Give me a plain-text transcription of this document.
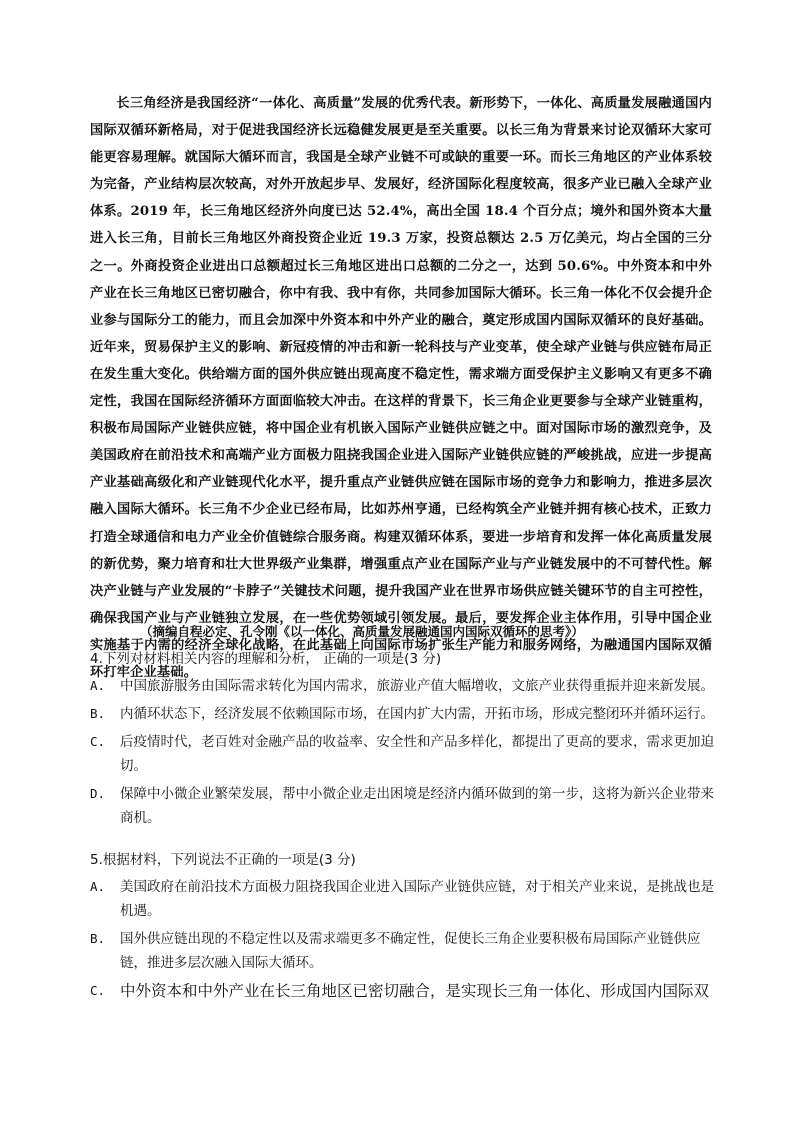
长三角经济是我国经济“一体化、高质量”发展的优秀代表。新形势下，一体化、高质量发展融通国内国际双循环新格局，对于促进我国经济长远稳健发展更是至关重要。以长三角为背景来讨论双循环大家可能更容易理解。就国际大循环而言，我国是全球产业链不可或缺的重要一环。而长三角地区的产业体系较为完备，产业结构层次较高，对外开放起步早、发展好，经济国际化程度较高，很多产业已融入全球产业体系。2019 年，长三角地区经济外向度已达 52.4%，高出全国 18.4 个百分点；境外和国外资本大量进入长三角，目前长三角地区外商投资企业近 19.3 万家，投资总额达 2.5 万亿美元，均占全国的三分之一。外商投资企业进出口总额超过长三角地区进出口总额的二分之一，达到 50.6%。中外资本和中外产业在长三角地区已密切融合，你中有我、我中有你，共同参加国际大循环。长三角一体化不仅会提升企业参与国际分工的能力，而且会加深中外资本和中外产业的融合，奠定形成国内国际双循环的良好基础。近年来，贸易保护主义的影响、新冠疫情的冲击和新一轮科技与产业变革，使全球产业链与供应链布局正在发生重大变化。供给端方面的国外供应链出现高度不稳定性，需求端方面受保护主义影响又有更多不确定性，我国在国际经济循环方面面临较大冲击。在这样的背景下，长三角企业更要参与全球产业链重构，积极布局国际产业链供应链，将中国企业有机嵌入国际产业链供应链之中。面对国际市场的激烈竞争，及美国政府在前沿技术和高端产业方面极力阻挠我国企业进入国际产业链供应链的严峻挑战，应进一步提高产业基础高级化和产业链现代化水平，提升重点产业链供应链在国际市场的竞争力和影响力，推进多层次融入国际大循环。长三角不少企业已经布局，比如苏州亨通，已经构筑全产业链并拥有核心技术，正致力打造全球通信和电力产业全价值链综合服务商。构建双循环体系，要进一步培育和发挥一体化高质量发展的新优势，聚力培育和壮大世界级产业集群，增强重点产业在国际产业与产业链发展中的不可替代性。解决产业链与产业发展的“卡脖子”关键技术问题，提升我国产业在世界市场供应链关键环节的自主可控性，确保我国产业与产业链独立发展，在一些优势领域引领发展。最后，要发挥企业主体作用，引导中国企业实施基于内需的经济全球化战略，在此基础上向国际市场扩张生产能力和服务网络，为融通国内国际双循环打牢企业基础。

（摘编自程必定、孔令刚《以一体化、高质量发展融通国内国际双循环的思考》）

4.下列对材料相关内容的理解和分析， 正确的一项是(3 分)

A.	中国旅游服务由国际需求转化为国内需求，旅游业产值大幅增收，文旅产业获得重振并迎来新发展。

B.	内循环状态下，经济发展不依赖国际市场，在国内扩大内需，开拓市场，形成完整闭环并循环运行。

C.	后疫情时代，老百姓对金融产品的收益率、安全性和产品多样化，都提出了更高的要求，需求更加迫切。

D.	保障中小微企业繁荣发展，帮中小微企业走出困境是经济内循环做到的第一步，这将为新兴企业带来商机。

5.根据材料，下列说法不正确的一项是(3 分)

A.	美国政府在前沿技术方面极力阻挠我国企业进入国际产业链供应链，对于相关产业来说，是挑战也是机遇。

B.	国外供应链出现的不稳定性以及需求端更多不确定性，促使长三角企业要积极布局国际产业链供应链，推进多层次融入国际大循环。

C. 中外资本和中外产业在长三角地区已密切融合，是实现长三角一体化、形成国内国际双
